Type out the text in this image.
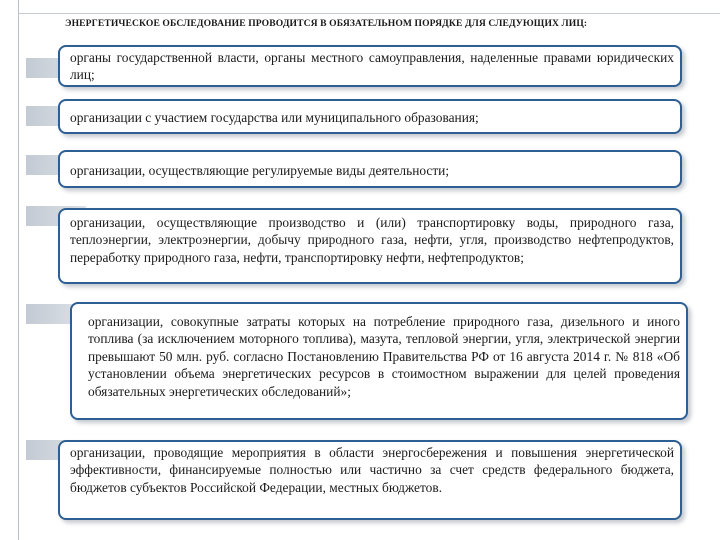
ЭНЕРГЕТИЧЕСКОЕ ОБСЛЕДОВАНИЕ ПРОВОДИТСЯ В ОБЯЗАТЕЛЬНОМ ПОРЯДКЕ ДЛЯ СЛЕДУЮЩИХ ЛИЦ:
органы государственной власти, органы местного самоуправления, наделенные правами юридических лиц;
организации с участием государства или муниципального образования;
организации, осуществляющие регулируемые виды деятельности;
организации, осуществляющие производство и (или) транспортировку воды, природного газа, теплоэнергии, электроэнергии, добычу природного газа, нефти, угля, производство нефтепродуктов, переработку природного газа, нефти, транспортировку нефти, нефтепродуктов;
организации, совокупные затраты которых на потребление природного газа, дизельного и иного топлива (за исключением моторного топлива), мазута, тепловой энергии, угля, электрической энергии превышают 50 млн. руб. согласно Постановлению Правительства РФ от 16 августа 2014 г. № 818 «Об установлении объема энергетических ресурсов в стоимостном выражении для целей проведения обязательных энергетических обследований»;
организации, проводящие мероприятия в области энергосбережения и повышения энергетической эффективности, финансируемые полностью или частично за счет средств федерального бюджета, бюджетов субъектов Российской Федерации, местных бюджетов.
